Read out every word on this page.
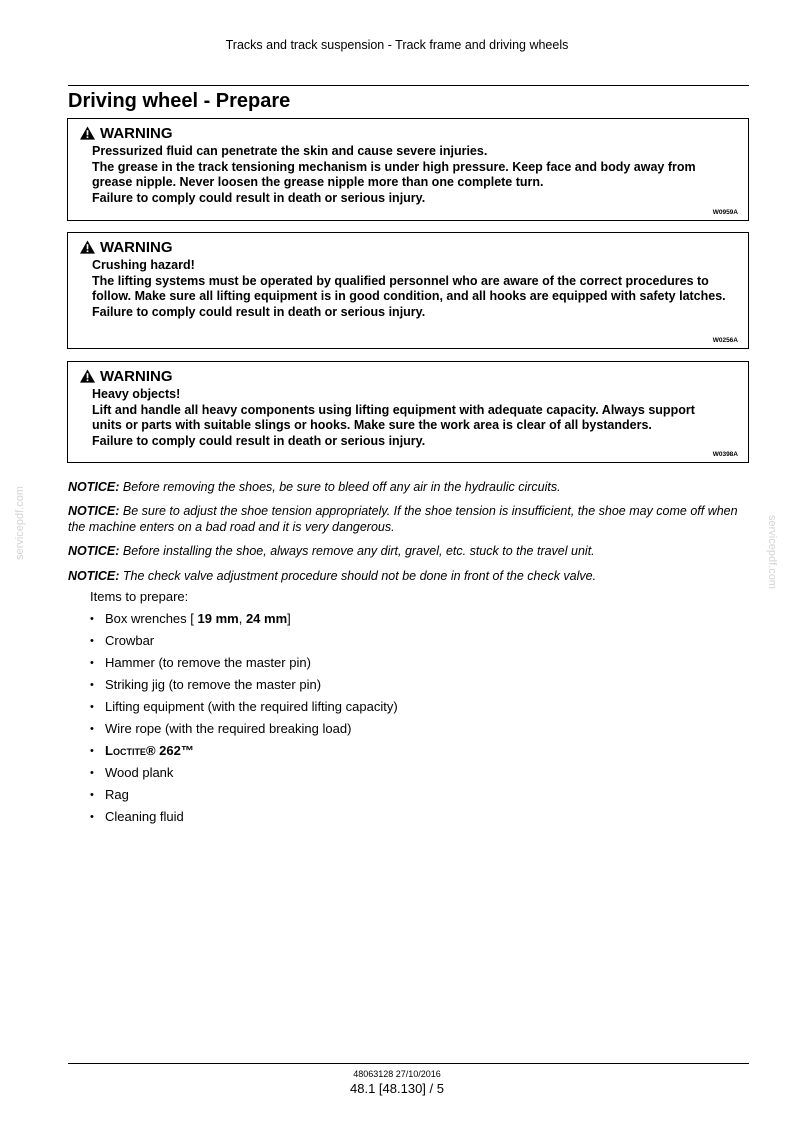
Tracks and track suspension - Track frame and driving wheels
Driving wheel - Prepare
WARNING
Pressurized fluid can penetrate the skin and cause severe injuries.
The grease in the track tensioning mechanism is under high pressure. Keep face and body away from grease nipple. Never loosen the grease nipple more than one complete turn.
Failure to comply could result in death or serious injury.
W0959A
WARNING
Crushing hazard!
The lifting systems must be operated by qualified personnel who are aware of the correct procedures to follow. Make sure all lifting equipment is in good condition, and all hooks are equipped with safety latches.
Failure to comply could result in death or serious injury.
W0256A
WARNING
Heavy objects!
Lift and handle all heavy components using lifting equipment with adequate capacity. Always support units or parts with suitable slings or hooks. Make sure the work area is clear of all bystanders.
Failure to comply could result in death or serious injury.
W0398A

NOTICE: Before removing the shoes, be sure to bleed off any air in the hydraulic circuits.

NOTICE: Be sure to adjust the shoe tension appropriately. If the shoe tension is insufficient, the shoe may come off when the machine enters on a bad road and it is very dangerous.

NOTICE: Before installing the shoe, always remove any dirt, gravel, etc. stuck to the travel unit.

NOTICE: The check valve adjustment procedure should not be done in front of the check valve.

Items to prepare:
• Box wrenches [ 19 mm, 24 mm]
• Crowbar
• Hammer (to remove the master pin)
• Striking jig (to remove the master pin)
• Lifting equipment (with the required lifting capacity)
• Wire rope (with the required breaking load)
• Loctite® 262™
• Wood plank
• Rag
• Cleaning fluid
servicepdf.com	servicepdf.com
48063128 27/10/2016
48.1 [48.130] / 5
